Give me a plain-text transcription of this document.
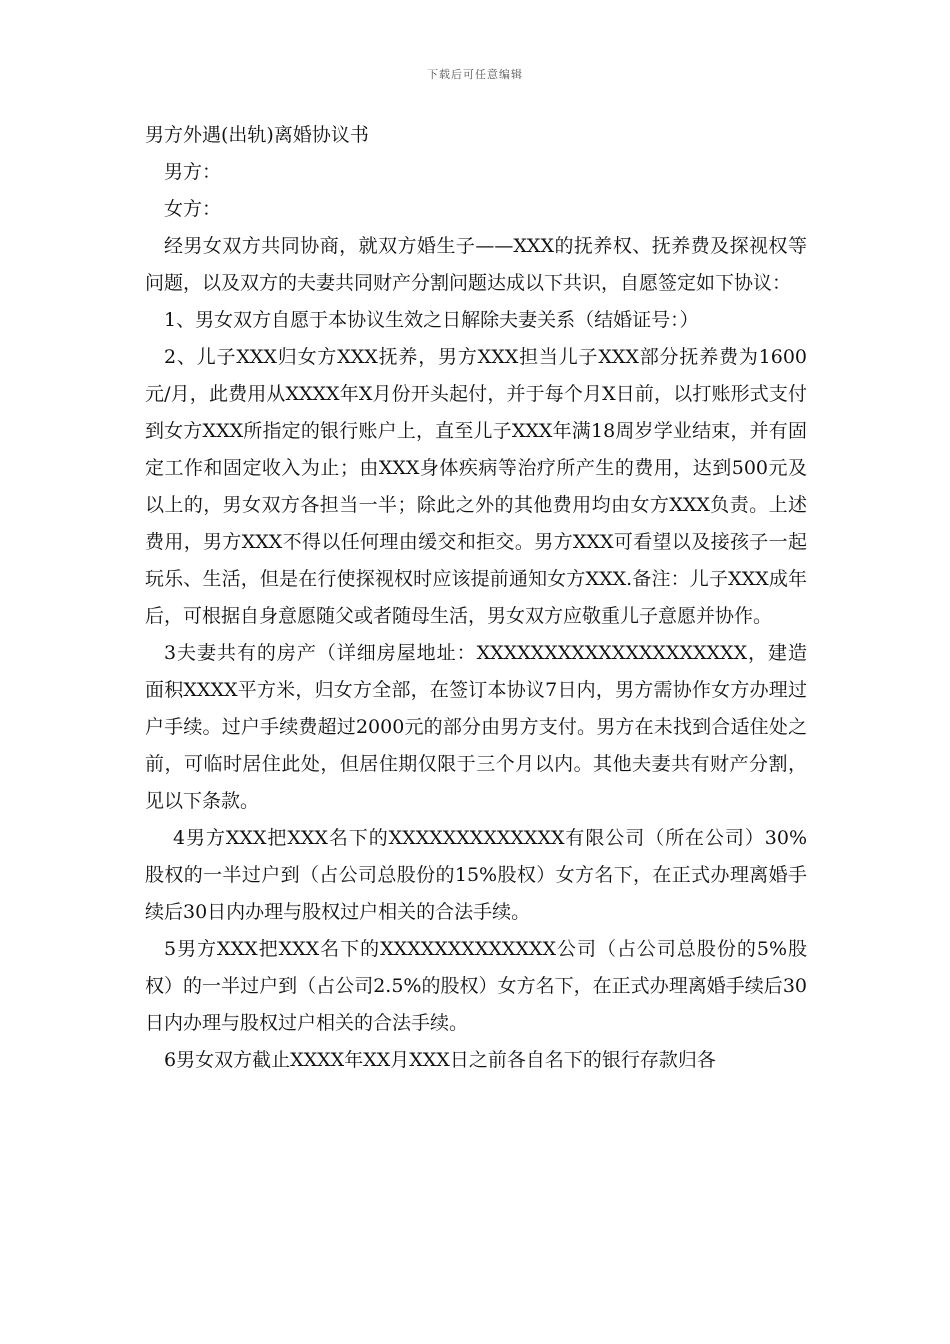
下载后可任意编辑
男方外遇(出轨)离婚协议书

男方：

女方：

经男女双方共同协商，就双方婚生子——XXX的抚养权、抚养费及探视权等问题，以及双方的夫妻共同财产分割问题达成以下共识，自愿签定如下协议：

1、男女双方自愿于本协议生效之日解除夫妻关系（结婚证号：）

2、儿子XXX归女方XXX抚养，男方XXX担当儿子XXX部分抚养费为1600元/月，此费用从XXXX年X月份开头起付，并于每个月X日前，以打账形式支付到女方XXX所指定的银行账户上，直至儿子XXX年满18周岁学业结束，并有固定工作和固定收入为止；由XXX身体疾病等治疗所产生的费用，达到500元及以上的，男女双方各担当一半；除此之外的其他费用均由女方XXX负责。上述费用，男方XXX不得以任何理由缓交和拒交。男方XXX可看望以及接孩子一起玩乐、生活，但是在行使探视权时应该提前通知女方XXX.备注：儿子XXX成年后，可根据自身意愿随父或者随母生活，男女双方应敬重儿子意愿并协作。

3夫妻共有的房产（详细房屋地址：XXXXXXXXXXXXXXXXXXXX，建造面积XXXX平方米，归女方全部，在签订本协议7日内，男方需协作女方办理过户手续。过户手续费超过2000元的部分由男方支付。男方在未找到合适住处之前，可临时居住此处，但居住期仅限于三个月以内。其他夫妻共有财产分割，见以下条款。

4男方XXX把XXX名下的XXXXXXXXXXXXX有限公司（所在公司）30%股权的一半过户到（占公司总股份的15%股权）女方名下，在正式办理离婚手续后30日内办理与股权过户相关的合法手续。

5男方XXX把XXX名下的XXXXXXXXXXXXX公司（占公司总股份的5%股权）的一半过户到（占公司2.5%的股权）女方名下，在正式办理离婚手续后30日内办理与股权过户相关的合法手续。

6男女双方截止XXXX年XX月XXX日之前各自名下的银行存款归各
